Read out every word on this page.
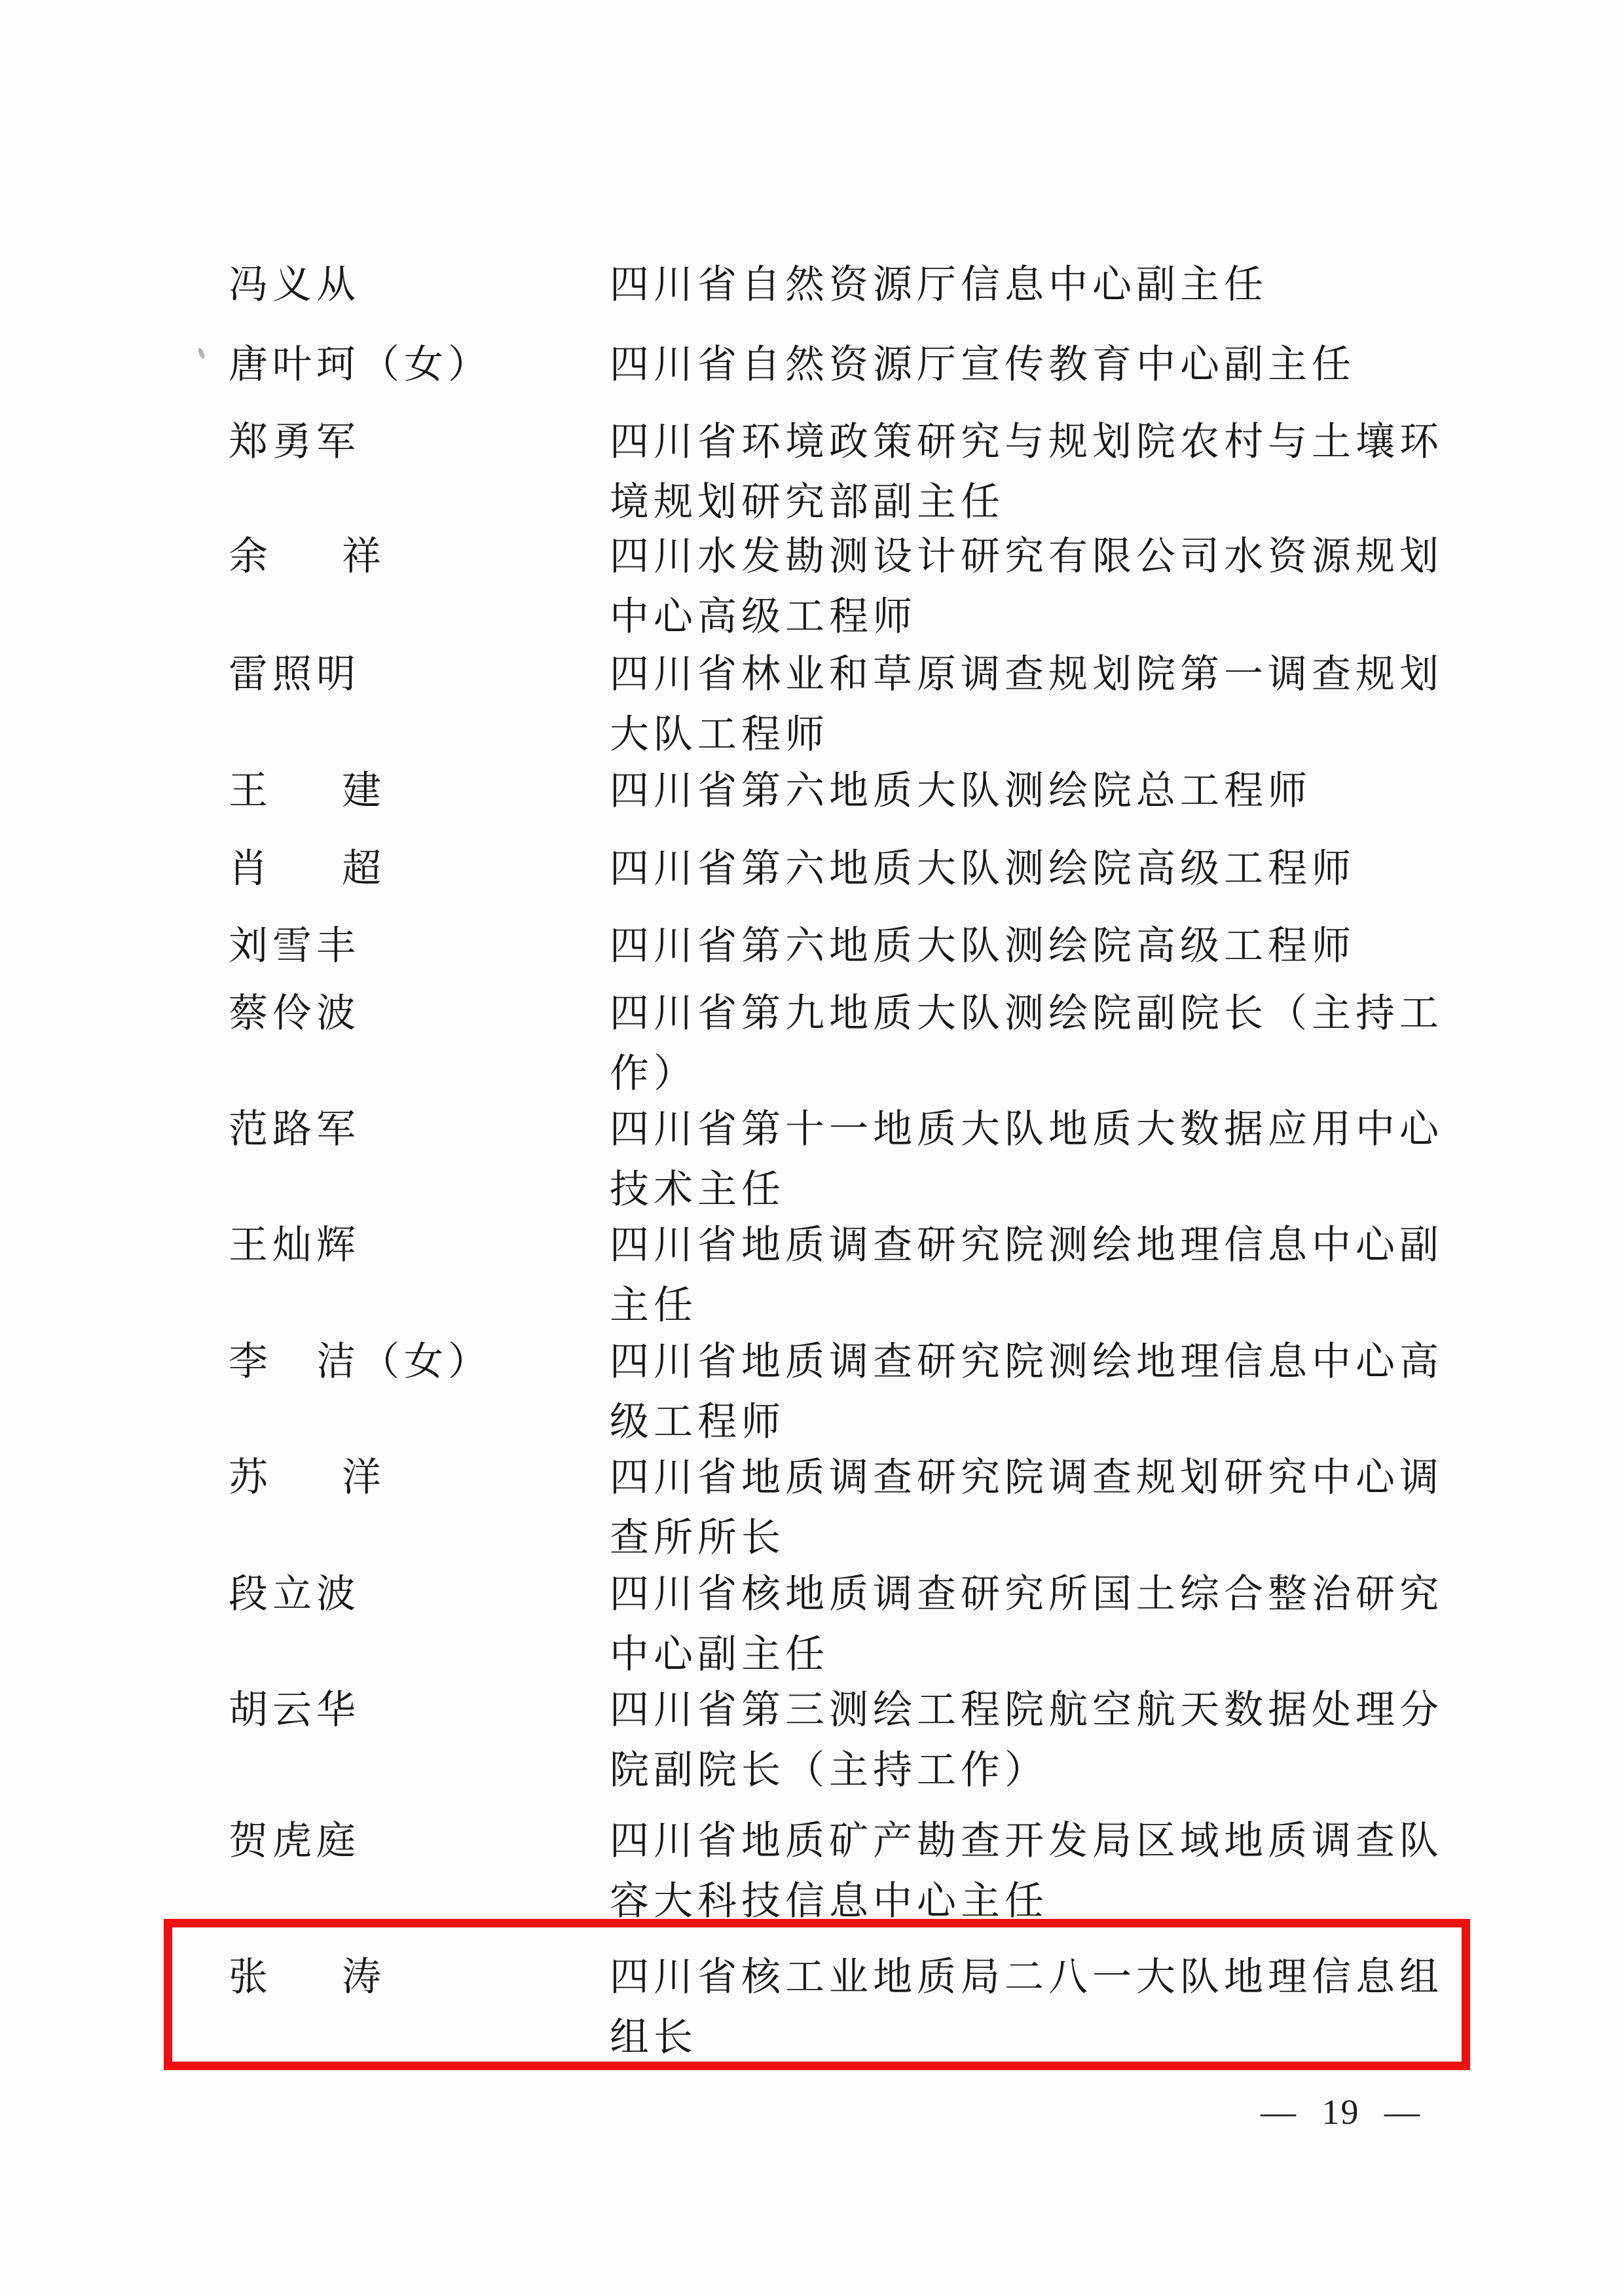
冯义从	四川省自然资源厅信息中心副主任
唐叶珂（女）	四川省自然资源厅宣传教育中心副主任
郑勇军	四川省环境政策研究与规划院农村与土壤环境规划研究部副主任
余　祥	四川水发勘测设计研究有限公司水资源规划中心高级工程师
雷照明	四川省林业和草原调查规划院第一调查规划大队工程师
王　建	四川省第六地质大队测绘院总工程师
肖　超	四川省第六地质大队测绘院高级工程师
刘雪丰	四川省第六地质大队测绘院高级工程师
蔡伶波	四川省第九地质大队测绘院副院长（主持工作）
范路军	四川省第十一地质大队地质大数据应用中心技术主任
王灿辉	四川省地质调查研究院测绘地理信息中心副主任
李　洁（女）	四川省地质调查研究院测绘地理信息中心高级工程师
苏　洋	四川省地质调查研究院调查规划研究中心调查所所长
段立波	四川省核地质调查研究所国土综合整治研究中心副主任
胡云华	四川省第三测绘工程院航空航天数据处理分院副院长（主持工作）
贺虎庭	四川省地质矿产勘查开发局区域地质调查队容大科技信息中心主任
张　涛	四川省核工业地质局二八一大队地理信息组组长
— 19 —
